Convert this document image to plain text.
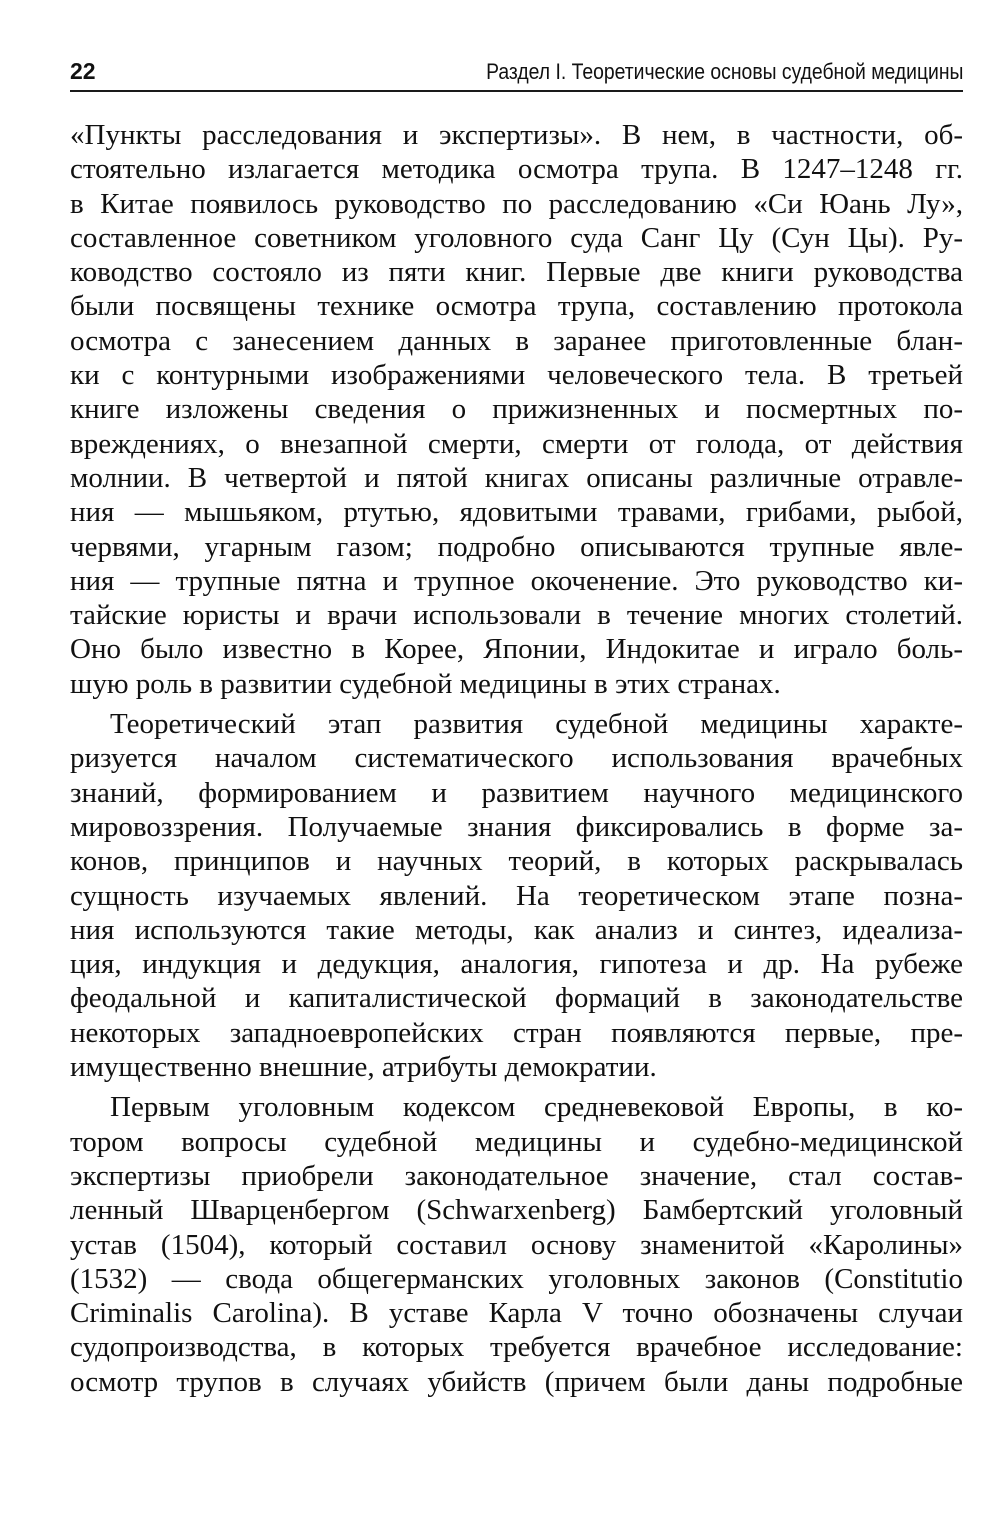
22	Раздел I. Теоретические основы судебной медицины
«Пункты расследования и экспертизы». В нем, в частности, об-
стоятельно излагается методика осмотра трупа. В 1247–1248 гг.
в Китае появилось руководство по расследованию «Си Юань Лу»,
составленное советником уголовного суда Санг Цу (Сун Цы). Ру-
ководство состояло из пяти книг. Первые две книги руководства
были посвящены технике осмотра трупа, составлению протокола
осмотра с занесением данных в заранее приготовленные блан-
ки с контурными изображениями человеческого тела. В третьей
книге изложены сведения о прижизненных и посмертных по-
вреждениях, о внезапной смерти, смерти от голода, от действия
молнии. В четвертой и пятой книгах описаны различные отравле-
ния — мышьяком, ртутью, ядовитыми травами, грибами, рыбой,
червями, угарным газом; подробно описываются трупные явле-
ния — трупные пятна и трупное окоченение. Это руководство ки-
тайские юристы и врачи использовали в течение многих столетий.
Оно было известно в Корее, Японии, Индокитае и играло боль-
шую роль в развитии судебной медицины в этих странах.
Теоретический этап развития судебной медицины характе-
ризуется началом систематического использования врачебных
знаний, формированием и развитием научного медицинского
мировоззрения. Получаемые знания фиксировались в форме за-
конов, принципов и научных теорий, в которых раскрывалась
сущность изучаемых явлений. На теоретическом этапе позна-
ния используются такие методы, как анализ и синтез, идеализа-
ция, индукция и дедукция, аналогия, гипотеза и др. На рубеже
феодальной и капиталистической формаций в законодательстве
некоторых западноевропейских стран появляются первые, пре-
имущественно внешние, атрибуты демократии.
Первым уголовным кодексом средневековой Европы, в ко-
тором вопросы судебной медицины и судебно-медицинской
экспертизы приобрели законодательное значение, стал состав-
ленный Шварценбергом (Schwarxenberg) Бамбертский уголовный
устав (1504), который составил основу знаменитой «Каролины»
(1532) — свода общегерманских уголовных законов (Constitutio
Criminalis Carolina). В уставе Карла V точно обозначены случаи
судопроизводства, в которых требуется врачебное исследование:
осмотр трупов в случаях убийств (причем были даны подробные
